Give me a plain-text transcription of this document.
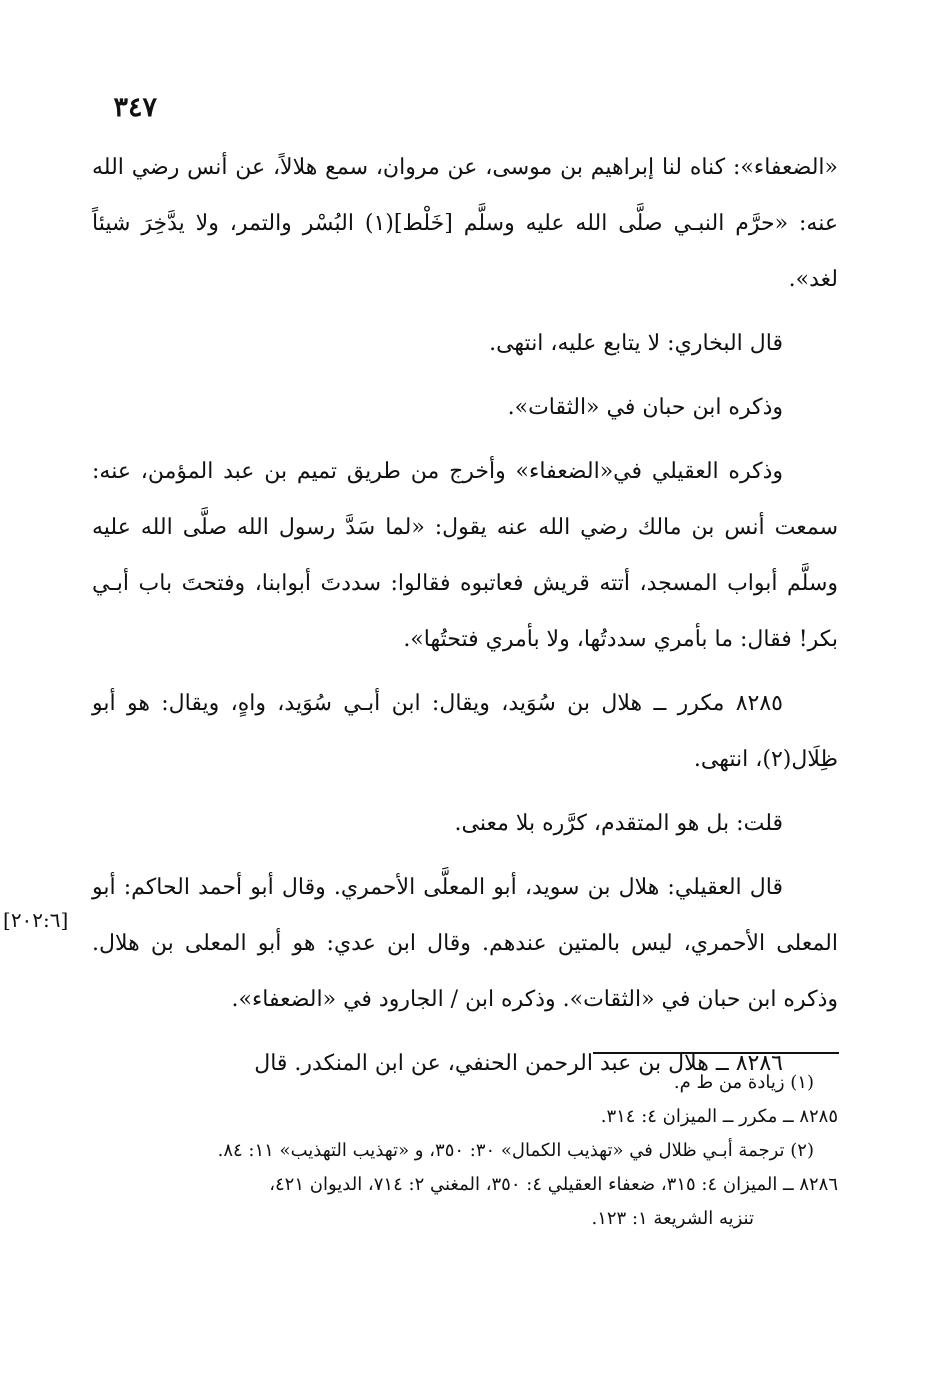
٣٤٧

«الضعفاء»: كناه لنا إبراهيم بن موسى، عن مروان، سمع هلالاً، عن أنس رضي الله عنه: «حرَّم النبـي صلَّى الله عليه وسلَّم [خَلْط](١) البُسْر والتمر، ولا يدَّخِرَ شيئاً لغد».

قال البخاري: لا يتابع عليه، انتهى.

وذكره ابن حبان في «الثقات».

وذكره العقيلي في«الضعفاء» وأخرج من طريق تميم بن عبد المؤمن، عنه: سمعت أنس بن مالك رضي الله عنه يقول: «لما سَدَّ رسول الله صلَّى الله عليه وسلَّم أبواب المسجد، أتته قريش فعاتبوه فقالوا: سددتَ أبوابنا، وفتحتَ باب أبـي بكر! فقال: ما بأمري سددتُها، ولا بأمري فتحتُها».

٨٢٨٥ مكرر ــ هلال بن سُوَيد، ويقال: ابن أبـي سُوَيد، واهٍ، ويقال: هو أبو ظِلَال(٢)، انتهى.

قلت: بل هو المتقدم، كرَّره بلا معنى.

قال العقيلي: هلال بن سويد، أبو المعلَّى الأحمري. وقال أبو أحمد الحاكم: أبو المعلى الأحمري، ليس بالمتين عندهم. وقال ابن عدي: هو أبو المعلى بن هلال. وذكره ابن حبان في «الثقات». وذكره ابن / الجارود في «الضعفاء».

٨٢٨٦ ــ هلال بن عبد الرحمن الحنفي، عن ابن المنكدر. قال

[٢٠٢:٦]

(١) زيادة من ط م.

٨٢٨٥ ــ مكرر ــ الميزان ٤: ٣١٤.

(٢) ترجمة أبـي ظلال في «تهذيب الكمال» ٣٠: ٣٥٠، و «تهذيب التهذيب» ١١: ٨٤.

٨٢٨٦ ــ الميزان ٤: ٣١٥، ضعفاء العقيلي ٤: ٣٥٠، المغني ٢: ٧١٤، الديوان ٤٢١،

تنزيه الشريعة ١: ١٢٣.
